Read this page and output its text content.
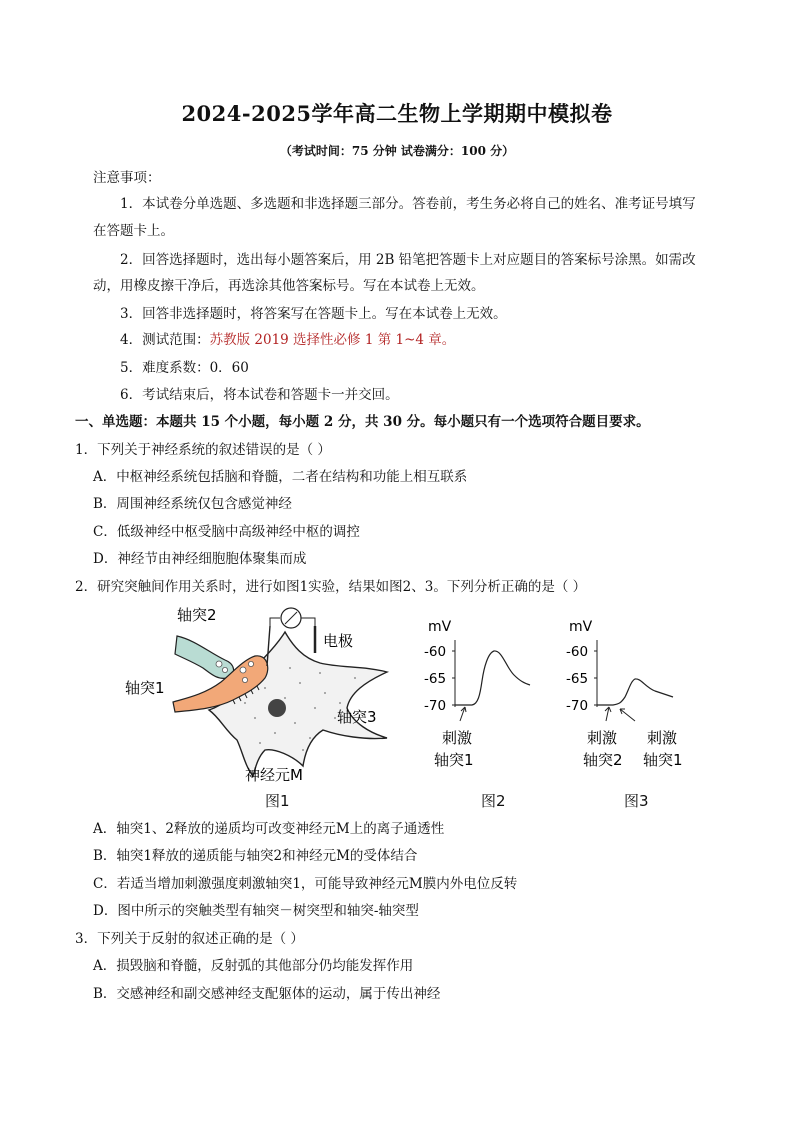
2024-2025学年高二生物上学期期中模拟卷
（考试时间：75 分钟 试卷满分：100 分）
注意事项：
1．本试卷分单选题、多选题和非选择题三部分。答卷前，考生务必将自己的姓名、准考证号填写
在答题卡上。
2．回答选择题时，选出每小题答案后，用 2B 铅笔把答题卡上对应题目的答案标号涂黑。如需改
动，用橡皮擦干净后，再选涂其他答案标号。写在本试卷上无效。
3．回答非选择题时，将答案写在答题卡上。写在本试卷上无效。
4．测试范围：苏教版 2019 选择性必修 1 第 1~4 章。
5．难度系数：0．60
6．考试结束后，将本试卷和答题卡一并交回。
一、单选题：本题共 15 个小题，每小题 2 分，共 30 分。每小题只有一个选项符合题目要求。
1．下列关于神经系统的叙述错误的是（ ）
A．中枢神经系统包括脑和脊髓，二者在结构和功能上相互联系
B．周围神经系统仅包含感觉神经
C．低级神经中枢受脑中高级神经中枢的调控
D．神经节由神经细胞胞体聚集而成
2．研究突触间作用关系时，进行如图1实验，结果如图2、3。下列分析正确的是（ ）
轴突2
轴突1
电极
轴突3
神经元M
图1
mV
-60
-65
-70
刺激
轴突1
图2
mV
-60
-65
-70
刺激
轴突2
刺激
轴突1
图3
A．轴突1、2释放的递质均可改变神经元M上的离子通透性
B．轴突1释放的递质能与轴突2和神经元M的受体结合
C．若适当增加刺激强度刺激轴突1，可能导致神经元M膜内外电位反转
D．图中所示的突触类型有轴突－树突型和轴突-轴突型
3．下列关于反射的叙述正确的是（ ）
A．损毁脑和脊髓，反射弧的其他部分仍均能发挥作用
B．交感神经和副交感神经支配躯体的运动，属于传出神经
